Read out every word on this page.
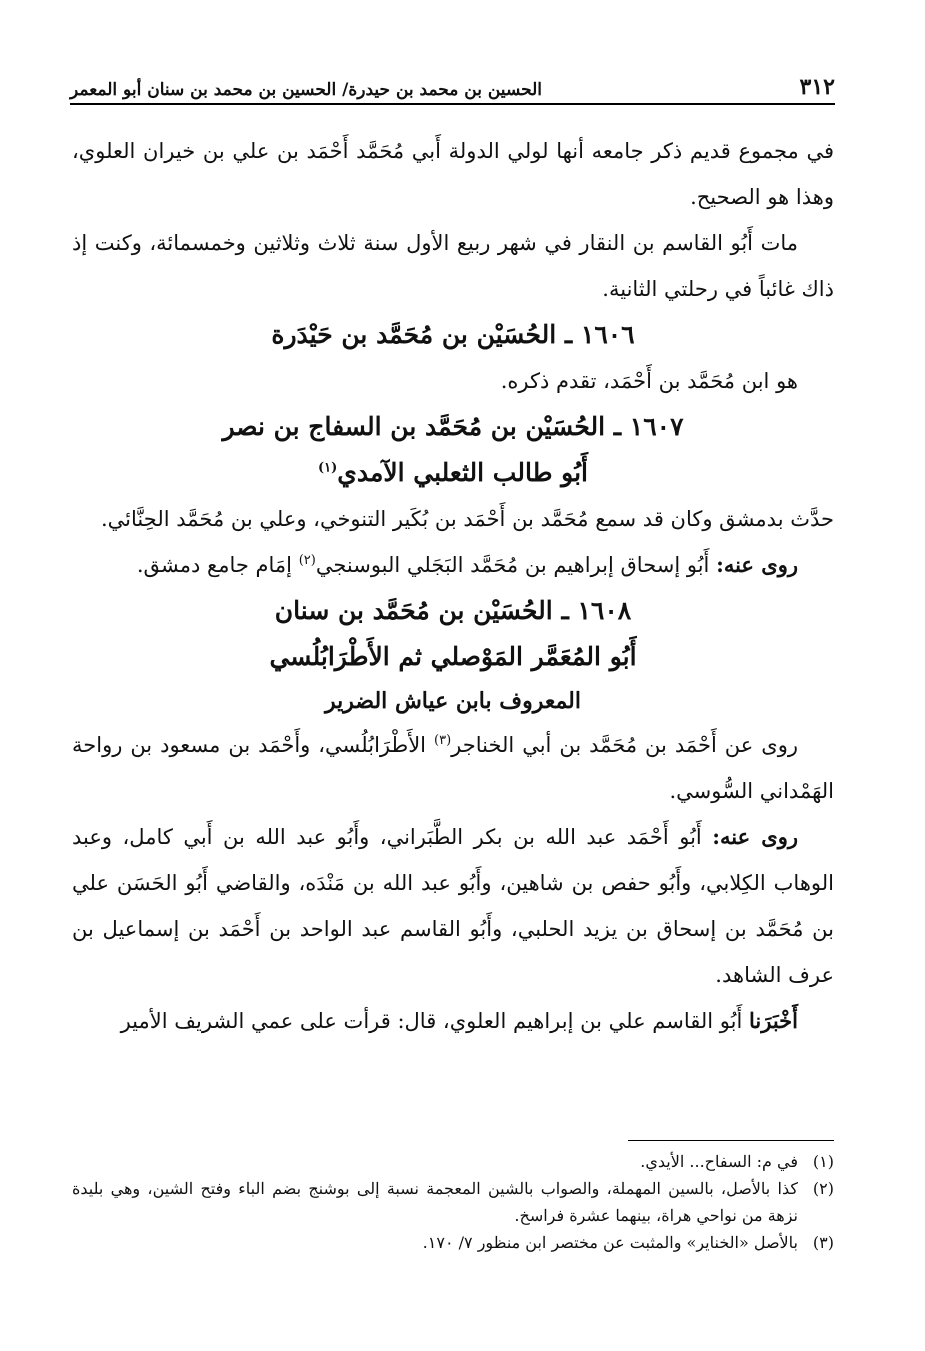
٣١٢
الحسين بن محمد بن حيدرة/ الحسين بن محمد بن سنان أبو المعمر

في مجموع قديم ذكر جامعه أنها لولي الدولة أَبي مُحَمَّد أَحْمَد بن علي بن خيران العلوي، وهذا هو الصحيح.

مات أَبُو القاسم بن النقار في شهر ربيع الأول سنة ثلاث وثلاثين وخمسمائة، وكنت إذ ذاك غائباً في رحلتي الثانية.

١٦٠٦ ـ الحُسَيْن بن مُحَمَّد بن حَيْدَرة

هو ابن مُحَمَّد بن أَحْمَد، تقدم ذكره.

١٦٠٧ ـ الحُسَيْن بن مُحَمَّد بن السفاج بن نصر

أَبُو طالب الثعلبي الآمدي$^{(١)}$

حدَّث بدمشق وكان قد سمع مُحَمَّد بن أَحْمَد بن بُكَير التنوخي، وعلي بن مُحَمَّد الحِنَّائي.

روى عنه: أَبُو إسحاق إبراهيم بن مُحَمَّد البَجَلي البوسنجي$^{(٢)}$ إمَام جامع دمشق.

١٦٠٨ ـ الحُسَيْن بن مُحَمَّد بن سنان

أَبُو المُعَمَّر المَوْصلي ثم الأَطْرَابُلُسي

المعروف بابن عياش الضرير

روى عن أَحْمَد بن مُحَمَّد بن أبي الخناجر$^{(٣)}$ الأَطْرَابُلُسي، وأَحْمَد بن مسعود بن رواحة الهَمْداني السُّوسي.

روى عنه: أَبُو أَحْمَد عبد الله بن بكر الطَّبَراني، وأَبُو عبد الله بن أَبي كامل، وعبد الوهاب الكِلابي، وأَبُو حفص بن شاهين، وأَبُو عبد الله بن مَنْدَه، والقاضي أَبُو الحَسَن علي بن مُحَمَّد بن إسحاق بن يزيد الحلبي، وأَبُو القاسم عبد الواحد بن أَحْمَد بن إسماعيل بن عرف الشاهد.

أَخْبَرَنا أَبُو القاسم علي بن إبراهيم العلوي، قال: قرأت على عمي الشريف الأمير

(١)
في م: السفاح... الأيدي.

(٢)
كذا بالأصل، بالسين المهملة، والصواب بالشين المعجمة نسبة إلى بوشنج بضم الباء وفتح الشين، وهي بليدة نزهة من نواحي هراة، بينهما عشرة فراسخ.

(٣)
بالأصل «الخناير» والمثبت عن مختصر ابن منظور ٧/ ١٧٠.
